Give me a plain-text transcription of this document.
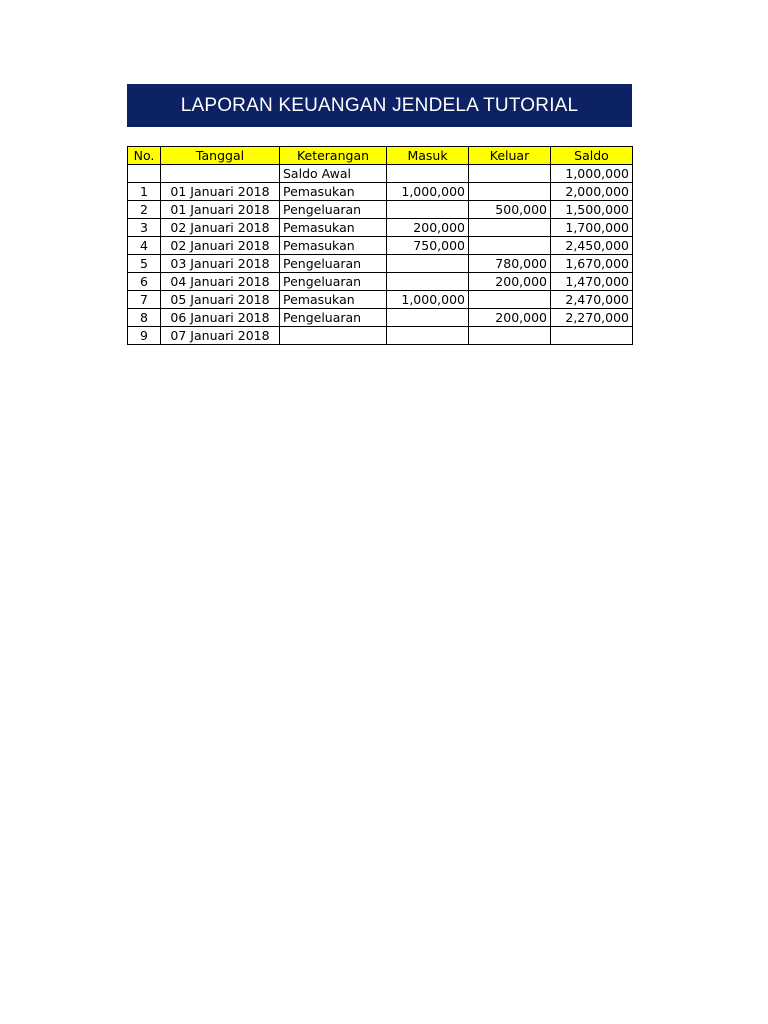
LAPORAN KEUANGAN JENDELA TUTORIAL
No.	Tanggal	Keterangan	Masuk	Keluar	Saldo
		Saldo Awal			1,000,000
1	01 Januari 2018	Pemasukan	1,000,000		2,000,000
2	01 Januari 2018	Pengeluaran		500,000	1,500,000
3	02 Januari 2018	Pemasukan	200,000		1,700,000
4	02 Januari 2018	Pemasukan	750,000		2,450,000
5	03 Januari 2018	Pengeluaran		780,000	1,670,000
6	04 Januari 2018	Pengeluaran		200,000	1,470,000
7	05 Januari 2018	Pemasukan	1,000,000		2,470,000
8	06 Januari 2018	Pengeluaran		200,000	2,270,000
9	07 Januari 2018				
